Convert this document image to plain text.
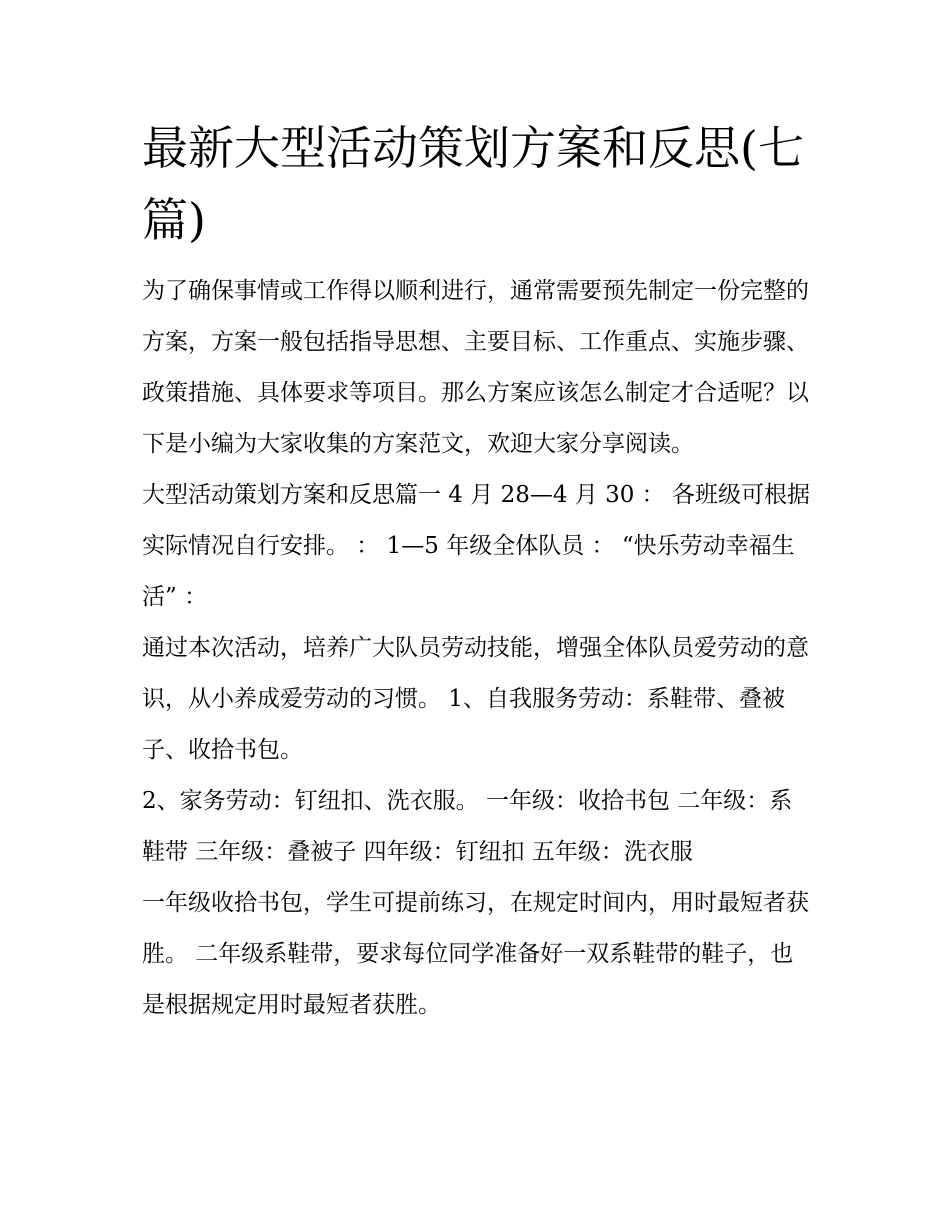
最新大型活动策划方案和反思(七篇)

为了确保事情或工作得以顺利进行，通常需要预先制定一份完整的方案，方案一般包括指导思想、主要目标、工作重点、实施步骤、政策措施、具体要求等项目。那么方案应该怎么制定才合适呢？以下是小编为大家收集的方案范文，欢迎大家分享阅读。

大型活动策划方案和反思篇一 4 月 28—4 月 30 ： 各班级可根据实际情况自行安排。 ： 1—5 年级全体队员 ： “快乐劳动幸福生活” ：

通过本次活动，培养广大队员劳动技能，增强全体队员爱劳动的意识，从小养成爱劳动的习惯。 1、自我服务劳动：系鞋带、叠被子、收拾书包。

2、家务劳动：钉纽扣、洗衣服。 一年级：收拾书包 二年级：系鞋带 三年级：叠被子 四年级：钉纽扣 五年级：洗衣服

一年级收拾书包，学生可提前练习，在规定时间内，用时最短者获胜。 二年级系鞋带，要求每位同学准备好一双系鞋带的鞋子，也是根据规定用时最短者获胜。
